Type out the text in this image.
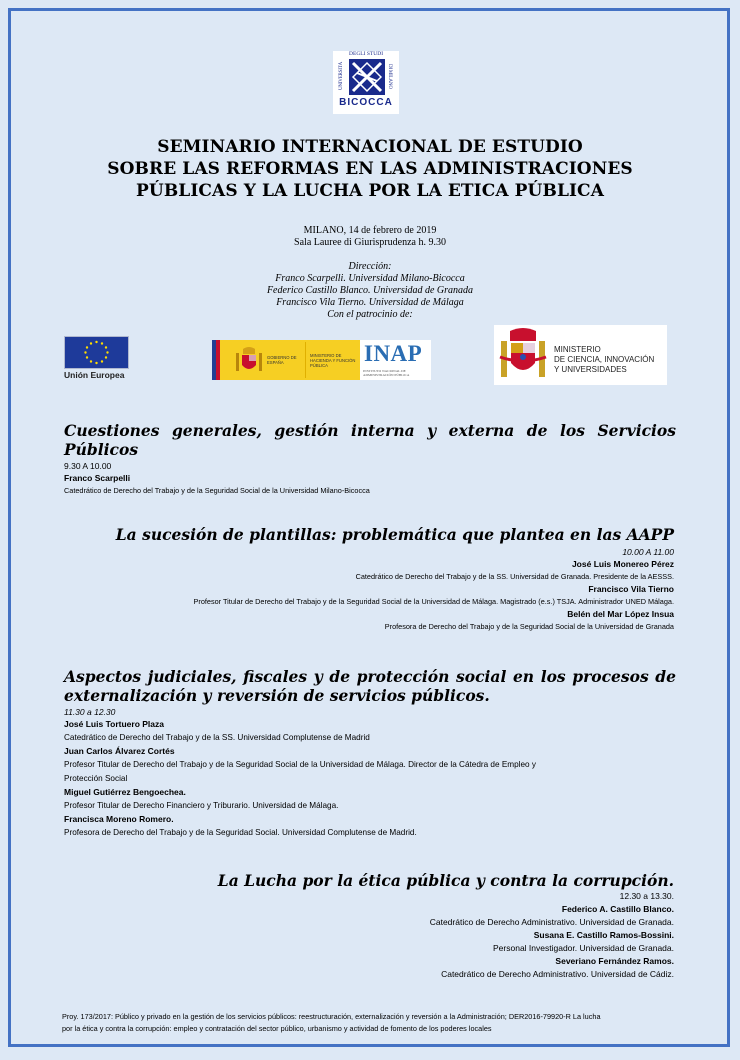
UNIVERSITÀ
DEGLI STUDI
DI MILANO
BICOCCA
SEMINARIO INTERNACIONAL DE ESTUDIO
SOBRE LAS REFORMAS EN LAS ADMINISTRACIONES
PÚBLICAS Y LA LUCHA POR LA ETICA PÚBLICA
MILANO, 14 de febrero de 2019
Sala Lauree di Giurisprudenza h. 9.30
Dirección:
Franco Scarpelli. Universidad Milano-Bicocca
Federico Castillo Blanco. Universidad de Granada
Francisco Vila Tierno. Universidad de Málaga
Con el patrocinio de:
Unión Europea
GOBIERNO DE ESPAÑA
MINISTERIO DE HACIENDA Y FUNCIÓN PÚBLICA	INAP
INSTITUTO NACIONAL DE ADMINISTRACIÓN PÚBLICA
MINISTERIO
DE CIENCIA, INNOVACIÓN
Y UNIVERSIDADES
Cuestiones generales, gestión interna y externa de los Servicios
Públicos
9.30 A 10.00
Franco Scarpelli
Catedrático de Derecho del Trabajo y de la Seguridad Social de la Universidad Milano-Bicocca
La sucesión de plantillas: problemática que plantea en las AAPP
10.00 A 11.00
José Luis Monereo Pérez
Catedrático de Derecho del Trabajo y de la SS. Universidad de Granada. Presidente de la AESSS.
Francisco Vila Tierno
Profesor Titular de Derecho del Trabajo y de la Seguridad Social de la Universidad de Málaga. Magistrado (e.s.) TSJA. Administrador UNED Málaga.
Belén del Mar López Insua
Profesora de Derecho del Trabajo y de la Seguridad Social de la Universidad de Granada
Aspectos judiciales, fiscales y de protección social en los procesos de
externalización y reversión de servicios públicos.
11.30 a 12.30
José Luis Tortuero Plaza
Catedrático de Derecho del Trabajo y de la SS. Universidad Complutense de Madrid
Juan Carlos Álvarez Cortés
Profesor Titular de Derecho del Trabajo y de la Seguridad Social de la Universidad de Málaga. Director de la Cátedra de Empleo y
Protección Social
Miguel Gutiérrez Bengoechea.
Profesor Titular de Derecho Financiero y Triburario. Universidad de Málaga.
Francisca Moreno Romero.
Profesora de Derecho del Trabajo y de la Seguridad Social. Universidad Complutense de Madrid.
La Lucha por la ética pública y contra la corrupción.
12.30 a 13.30.
Federico A. Castillo Blanco.
Catedrático de Derecho Administrativo. Universidad de Granada.
Susana E. Castillo Ramos-Bossini.
Personal Investigador. Universidad de Granada.
Severiano Fernández Ramos.
Catedrático de Derecho Administrativo. Universidad de Cádiz.
Proy. 173/2017: Público y privado en la gestión de los servicios públicos: reestructuración, externalización y reversión a la Administración; DER2016-79920-R La lucha
por la ética y contra la corrupción: empleo y contratación del sector público, urbanismo y actividad de fomento de los poderes locales
